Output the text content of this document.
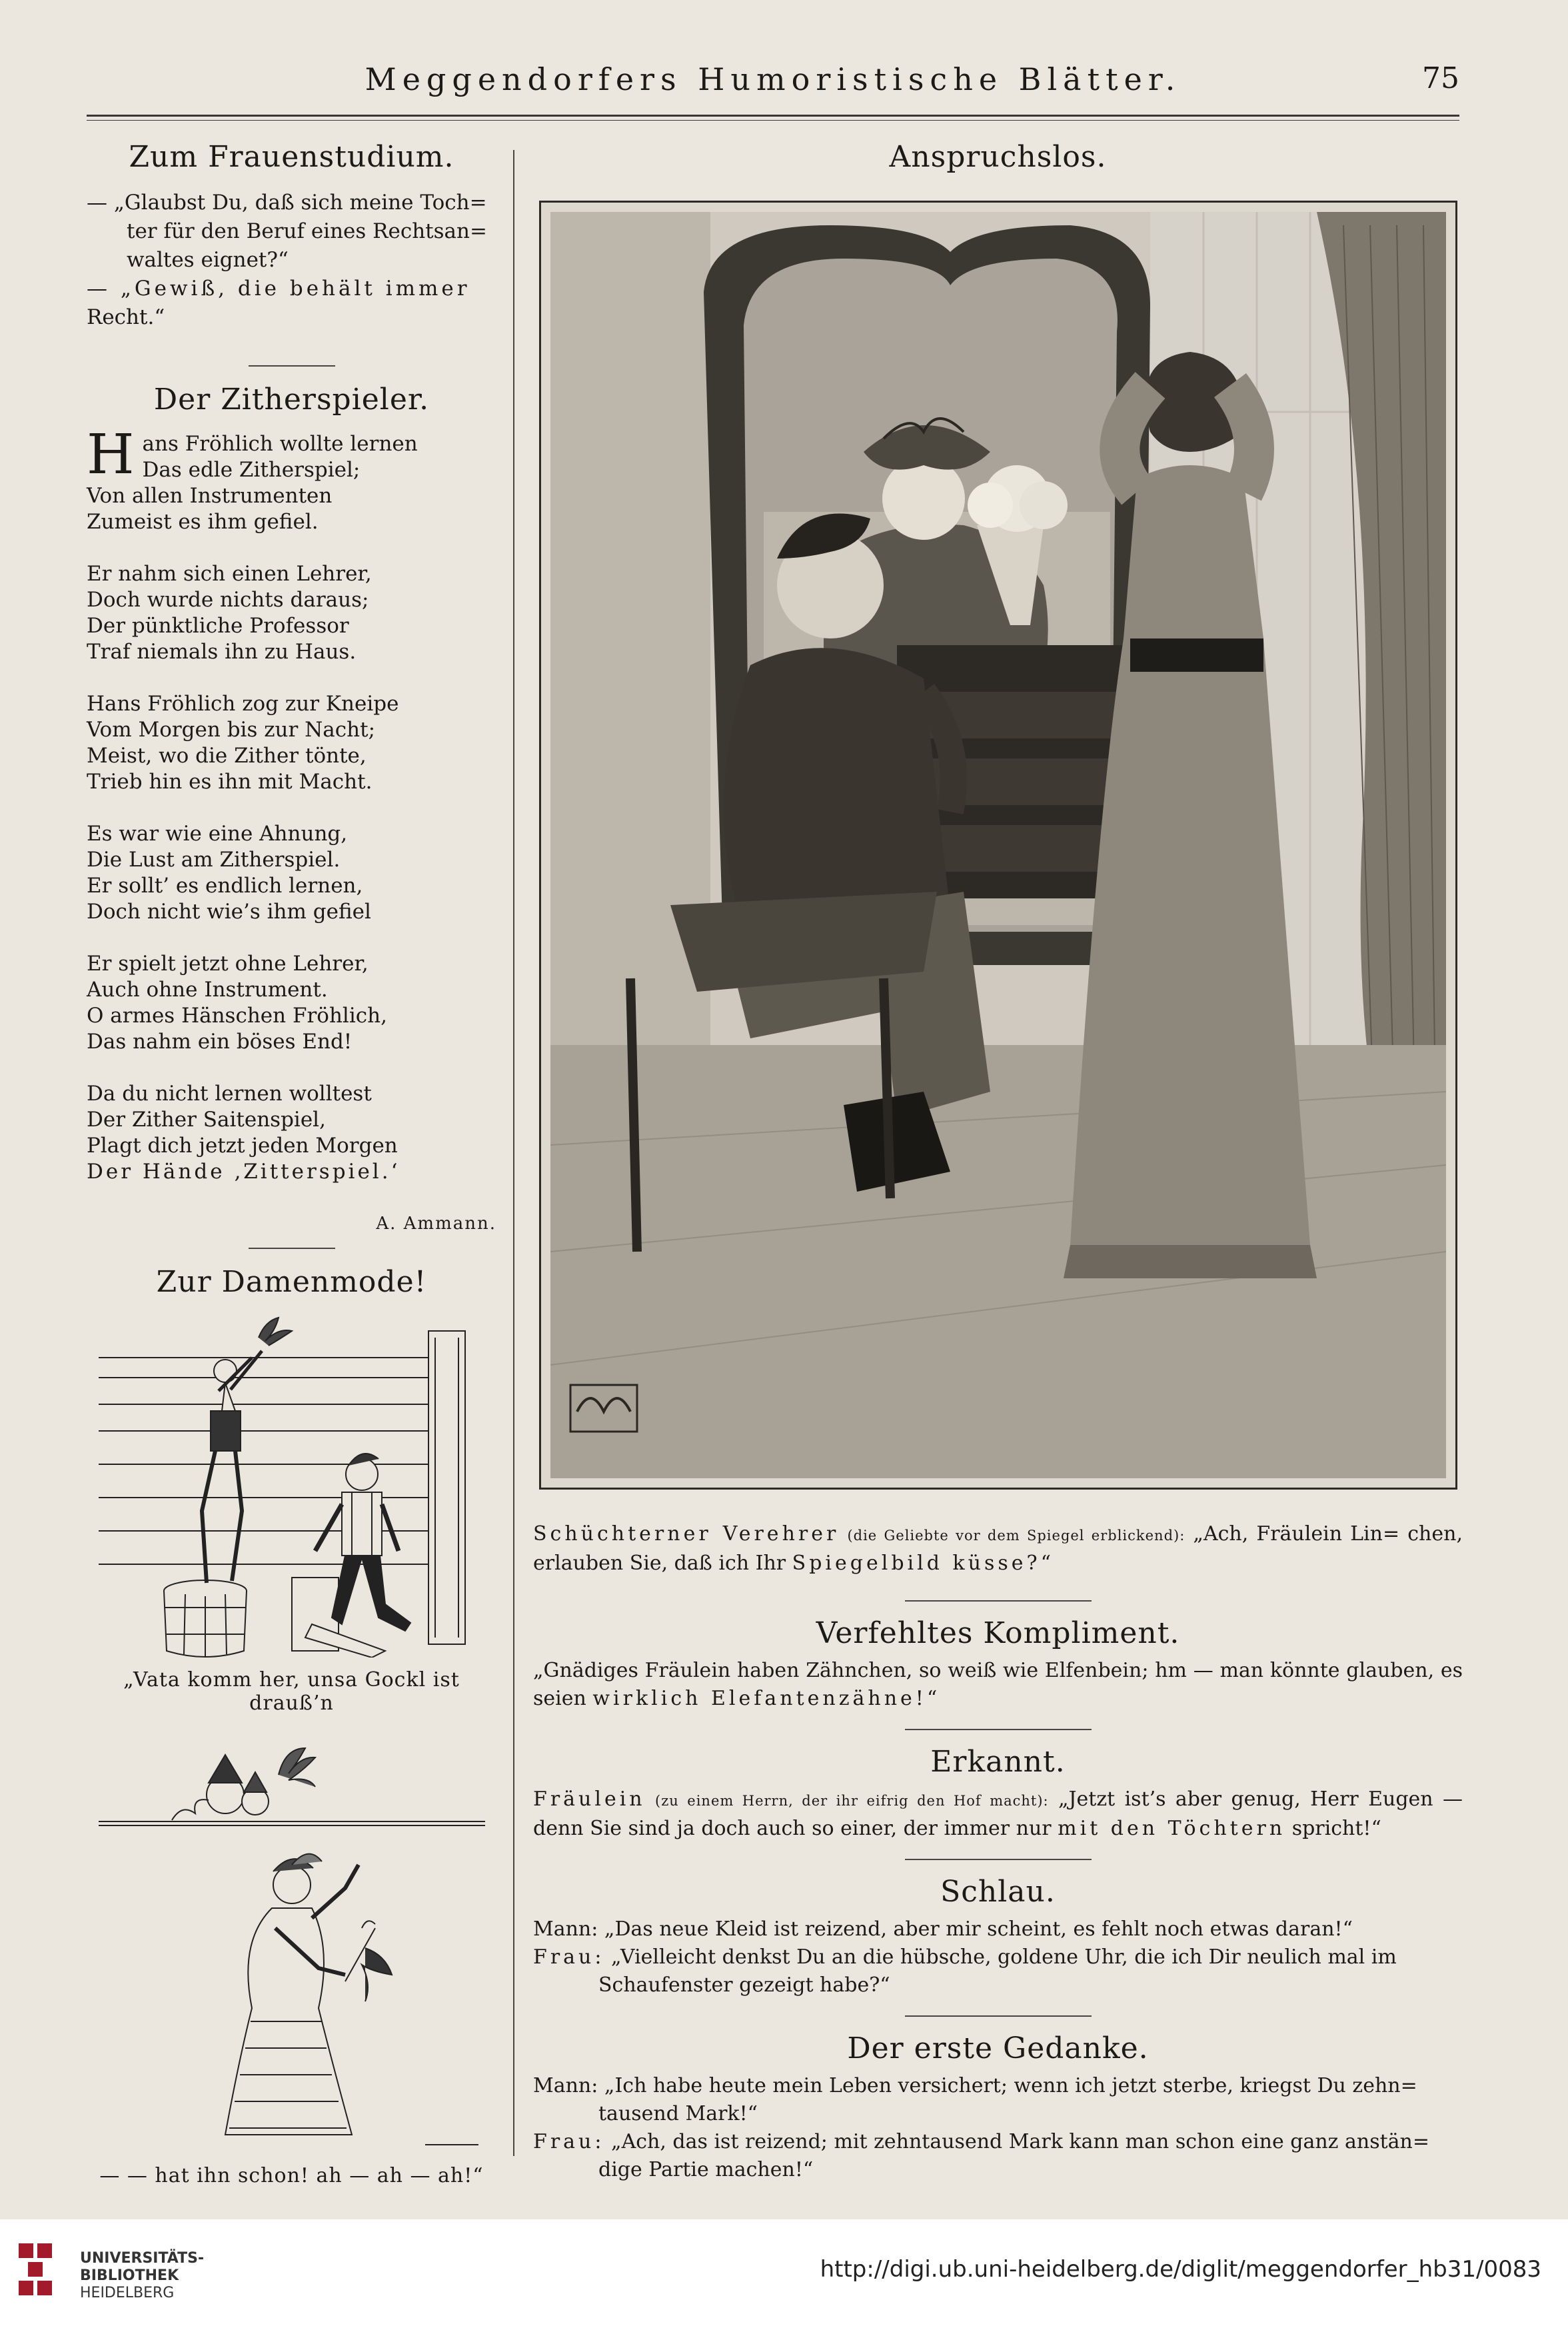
Meggendorfers Humoristische Blätter.	75
Zum Frauenstudium.
— „Glaubst Du, daß sich meine Toch=
ter für den Beruf eines Rechtsan=
waltes eignet?“
— „Gewiß, die behält immer
Recht.“
Der Zitherspieler.
H ans Fröhlich wollte lernen
Das edle Zitherspiel;
Von allen Instrumenten
Zumeist es ihm gefiel.
Er nahm sich einen Lehrer,
Doch wurde nichts daraus;
Der pünktliche Professor
Traf niemals ihn zu Haus.
Hans Fröhlich zog zur Kneipe
Vom Morgen bis zur Nacht;
Meist, wo die Zither tönte,
Trieb hin es ihn mit Macht.
Es war wie eine Ahnung,
Die Lust am Zitherspiel.
Er sollt’ es endlich lernen,
Doch nicht wie’s ihm gefiel
Er spielt jetzt ohne Lehrer,
Auch ohne Instrument.
O armes Hänschen Fröhlich,
Das nahm ein böses End!
Da du nicht lernen wolltest
Der Zither Saitenspiel,
Plagt dich jetzt jeden Morgen
Der Hände ‚Zitterspiel.‘
A. Ammann.
Zur Damenmode!
„Vata komm her, unsa Gockl ist drauß’n
— — hat ihn schon! ah — ah — ah!“
Anspruchslos.

Schüchterner Verehrer (die Geliebte vor dem Spiegel erblickend): „Ach, Fräulein Lin= chen, erlauben Sie, daß ich Ihr Spiegelbild küsse?“

Verfehltes Kompliment.

„Gnädiges Fräulein haben Zähnchen, so weiß wie Elfenbein; hm — man könnte glauben, es seien wirklich Elefantenzähne!“

Erkannt.

Fräulein (zu einem Herrn, der ihr eifrig den Hof macht): „Jetzt ist’s aber genug, Herr Eugen — denn Sie sind ja doch auch so einer, der immer nur mit den Töchtern spricht!“

Schlau.

Mann: „Das neue Kleid ist reizend, aber mir scheint, es fehlt noch etwas daran!“
Frau: „Vielleicht denkst Du an die hübsche, goldene Uhr, die ich Dir neulich mal im
Schaufenster gezeigt habe?“

Der erste Gedanke.

Mann: „Ich habe heute mein Leben versichert; wenn ich jetzt sterbe, kriegst Du zehn=
tausend Mark!“
Frau: „Ach, das ist reizend; mit zehntausend Mark kann man schon eine ganz anstän=
dige Partie machen!“

UNIVERSITÄTS-
BIBLIOTHEK
HEIDELBERG
http://digi.ub.uni-heidelberg.de/diglit/meggendorfer_hb31/0083
